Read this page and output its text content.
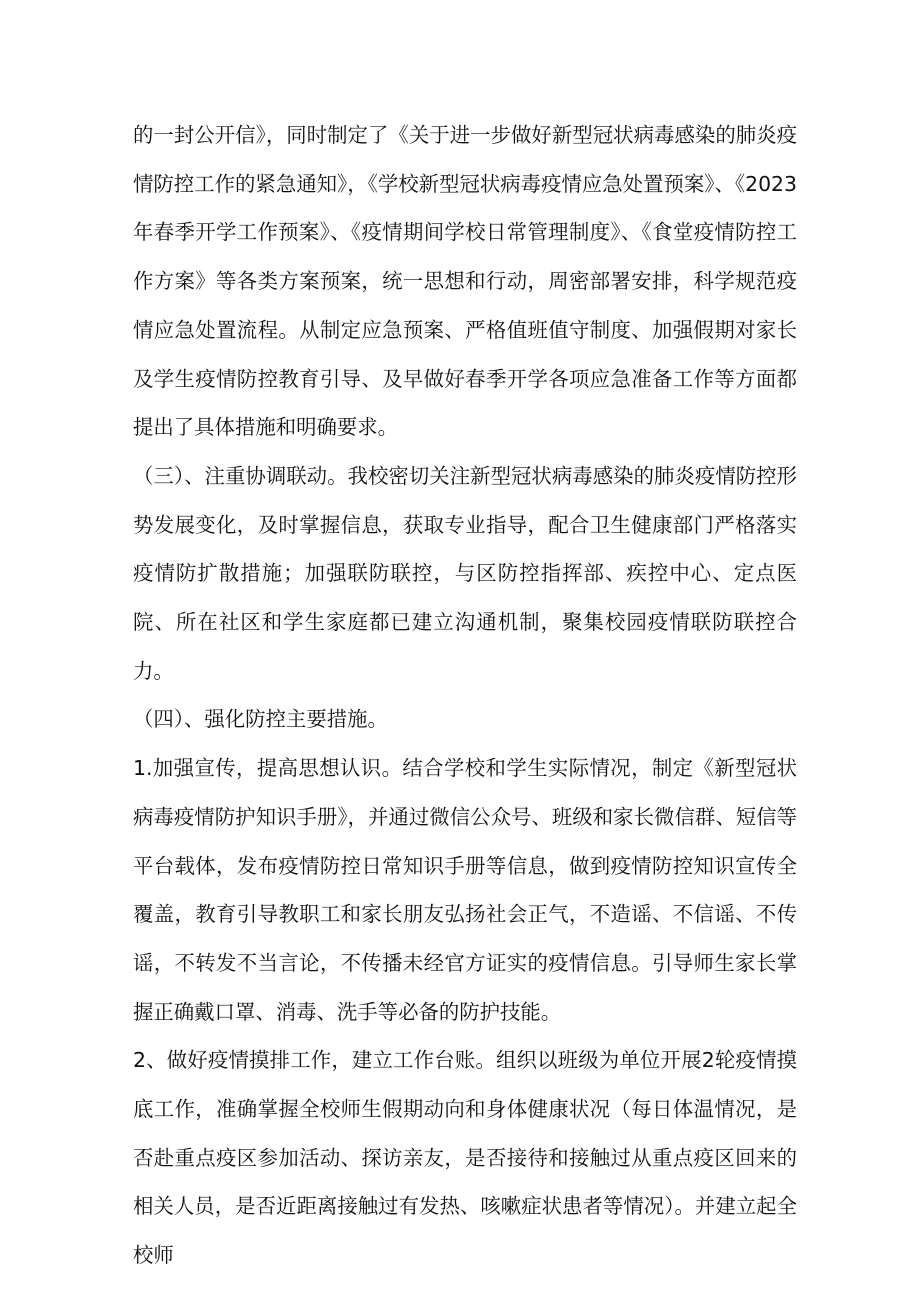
的一封公开信》，同时制定了《关于进一步做好新型冠状病毒感染的肺炎疫情防控工作的紧急通知》，《学校新型冠状病毒疫情应急处置预案》、《2023年春季开学工作预案》、《疫情期间学校日常管理制度》、《食堂疫情防控工作方案》等各类方案预案，统一思想和行动，周密部署安排，科学规范疫情应急处置流程。从制定应急预案、严格值班值守制度、加强假期对家长及学生疫情防控教育引导、及早做好春季开学各项应急准备工作等方面都提出了具体措施和明确要求。

（三）、注重协调联动。我校密切关注新型冠状病毒感染的肺炎疫情防控形势发展变化，及时掌握信息，获取专业指导，配合卫生健康部门严格落实疫情防扩散措施；加强联防联控，与区防控指挥部、疾控中心、定点医院、所在社区和学生家庭都已建立沟通机制，聚集校园疫情联防联控合力。

（四）、强化防控主要措施。

1.加强宣传，提高思想认识。结合学校和学生实际情况，制定《新型冠状病毒疫情防护知识手册》，并通过微信公众号、班级和家长微信群、短信等平台载体，发布疫情防控日常知识手册等信息，做到疫情防控知识宣传全覆盖，教育引导教职工和家长朋友弘扬社会正气，不造谣、不信谣、不传谣，不转发不当言论，不传播未经官方证实的疫情信息。引导师生家长掌握正确戴口罩、消毒、洗手等必备的防护技能。

2、做好疫情摸排工作，建立工作台账。组织以班级为单位开展2轮疫情摸底工作，准确掌握全校师生假期动向和身体健康状况（每日体温情况，是否赴重点疫区参加活动、探访亲友，是否接待和接触过从重点疫区回来的相关人员，是否近距离接触过有发热、咳嗽症状患者等情况）。并建立起全校师
